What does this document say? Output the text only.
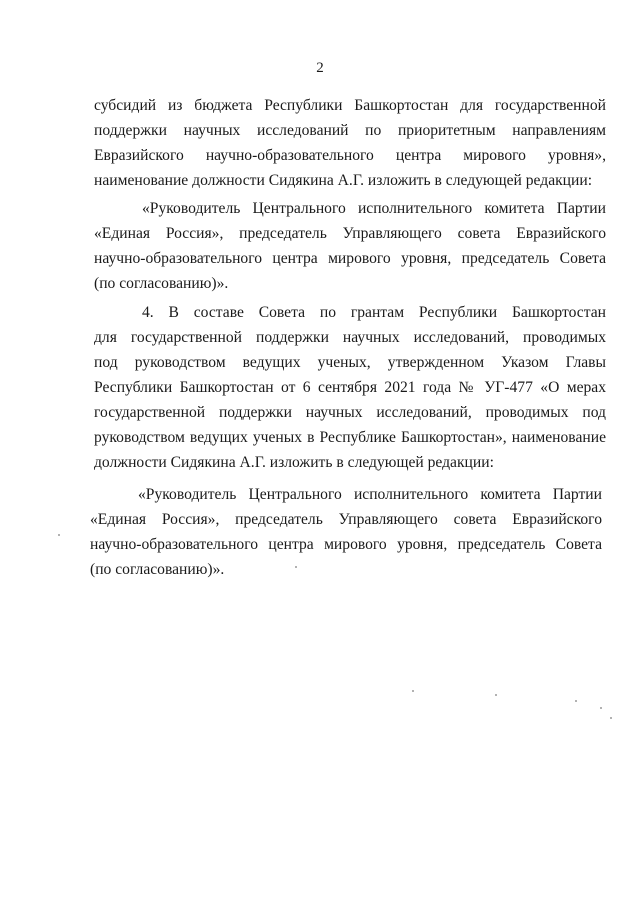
2
субсидий из бюджета Республики Башкортостан для государственной
поддержки научных исследований по приоритетным направлениям
Евразийского научно-образовательного центра мирового уровня»,
наименование должности Сидякина А.Г. изложить в следующей редакции:
«Руководитель Центрального исполнительного комитета Партии
«Единая Россия», председатель Управляющего совета Евразийского
научно-образовательного центра мирового уровня, председатель Совета
(по согласованию)».
4. В составе Совета по грантам Республики Башкортостан
для государственной поддержки научных исследований, проводимых
под руководством ведущих ученых, утвержденном Указом Главы
Республики Башкортостан от 6 сентября 2021 года № УГ-477 «О мерах
государственной поддержки научных исследований, проводимых под
руководством ведущих ученых в Республике Башкортостан», наименование
должности Сидякина А.Г. изложить в следующей редакции:
«Руководитель Центрального исполнительного комитета Партии
«Единая Россия», председатель Управляющего совета Евразийского
научно-образовательного центра мирового уровня, председатель Совета
(по согласованию)».
